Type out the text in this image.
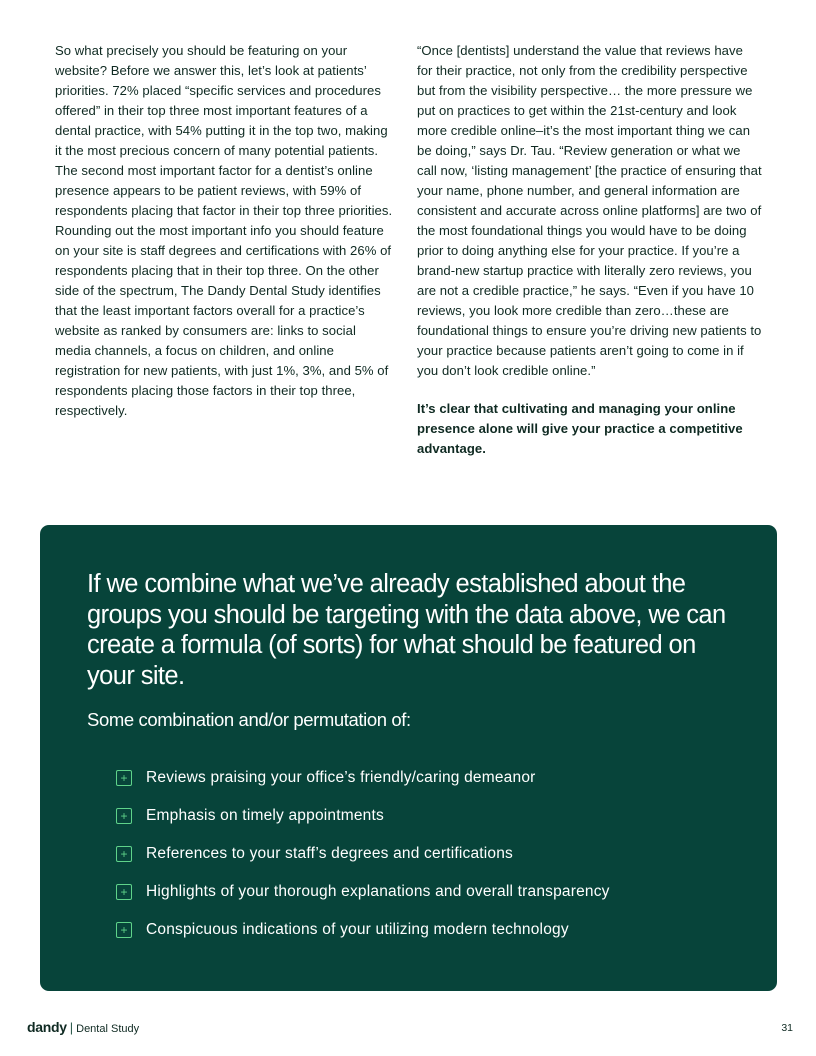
So what precisely you should be featuring on your website? Before we answer this, let’s look at patients’ priorities. 72% placed “specific services and procedures offered” in their top three most important features of a dental practice, with 54% putting it in the top two, making it the most precious concern of many potential patients. The second most important factor for a dentist’s online presence appears to be patient reviews, with 59% of respondents placing that factor in their top three priorities. Rounding out the most important info you should feature on your site is staff degrees and certifications with 26% of respondents placing that in their top three. On the other side of the spectrum, The Dandy Dental Study identifies that the least important factors overall for a practice’s website as ranked by consumers are: links to social media channels, a focus on children, and online registration for new patients, with just 1%, 3%, and 5% of respondents placing those factors in their top three, respectively.

“Once [dentists] understand the value that reviews have for their practice, not only from the credibility perspective but from the visibility perspective… the more pressure we put on practices to get within the 21st-century and look more credible online–it’s the most important thing we can be doing,” says Dr. Tau. “Review generation or what we call now, ‘listing management’ [the practice of ensuring that your name, phone number, and general information are consistent and accurate across online platforms] are two of the most foundational things you would have to be doing prior to doing anything else for your practice. If you’re a brand-new startup practice with literally zero reviews, you are not a credible practice,” he says. “Even if you have 10 reviews, you look more credible than zero…these are foundational things to ensure you’re driving new patients to your practice because patients aren’t going to come in if you don’t look credible online.”

It’s clear that cultivating and managing your online presence alone will give your practice a competitive advantage.

If we combine what we’ve already established about the groups you should be targeting with the data above, we can create a formula (of sorts) for what should be featured on your site.

Some combination and/or permutation of:

+ Reviews praising your office’s friendly/caring demeanor
+ Emphasis on timely appointments
+ References to your staff’s degrees and certifications
+ Highlights of your thorough explanations and overall transparency
+ Conspicuous indications of your utilizing modern technology
dandy | Dental Study	31
